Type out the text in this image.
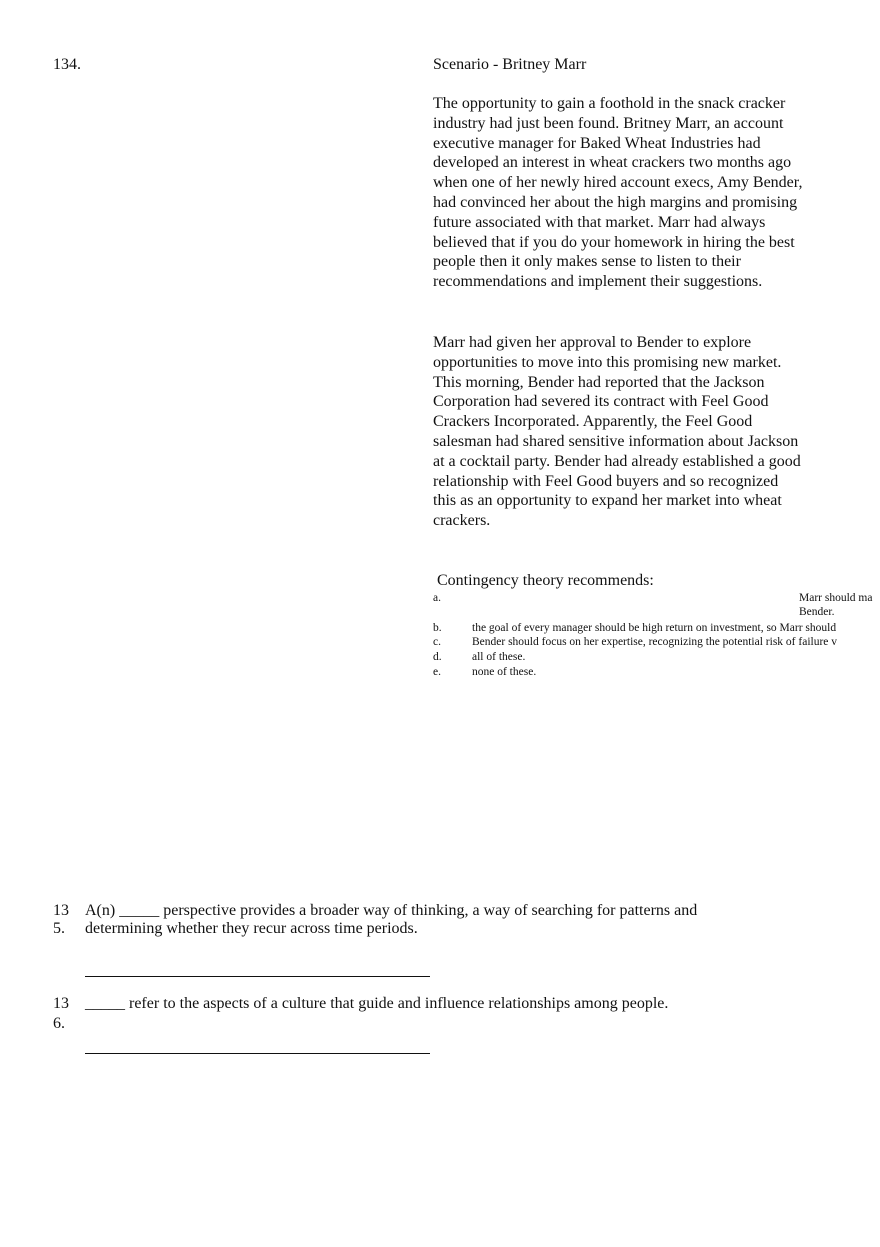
134.	Scenario - Britney Marr
The opportunity to gain a foothold in the snack cracker industry had just been found. Britney Marr, an account executive manager for Baked Wheat Industries had developed an interest in wheat crackers two months ago when one of her newly hired account execs, Amy Bender, had convinced her about the high margins and promising future associated with that market. Marr had always believed that if you do your homework in hiring the best people then it only makes sense to listen to their recommendations and implement their suggestions.
Marr had given her approval to Bender to explore opportunities to move into this promising new market. This morning, Bender had reported that the Jackson Corporation had severed its contract with Feel Good Crackers Incorporated. Apparently, the Feel Good salesman had shared sensitive information about Jackson at a cocktail party. Bender had already established a good relationship with Feel Good buyers and so recognized this as an opportunity to expand her market into wheat crackers.
Contingency theory recommends:
a.	Marr should ma
Bender.
b.	the goal of every manager should be high return on investment, so Marr should
c.	Bender should focus on her expertise, recognizing the potential risk of failure v
d.	all of these.
e.	none of these.
13
5.
A(n) _____ perspective provides a broader way of thinking, a way of searching for patterns and
determining whether they recur across time periods.
13
6.
_____ refer to the aspects of a culture that guide and influence relationships among people.
